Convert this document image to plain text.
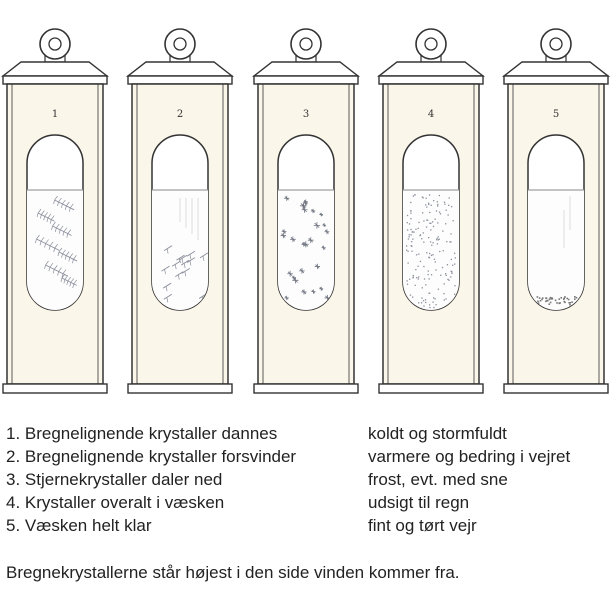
1	2	3	4	5
1. Bregnelignende krystaller dannes	koldt og stormfuldt
2. Bregnelignende krystaller forsvinder	varmere og bedring i vejret
3. Stjernekrystaller daler ned	frost, evt. med sne
4. Krystaller overalt i væsken	udsigt til regn
5. Væsken helt klar	fint og tørt vejr
Bregnekrystallerne står højest i den side vinden kommer fra.
